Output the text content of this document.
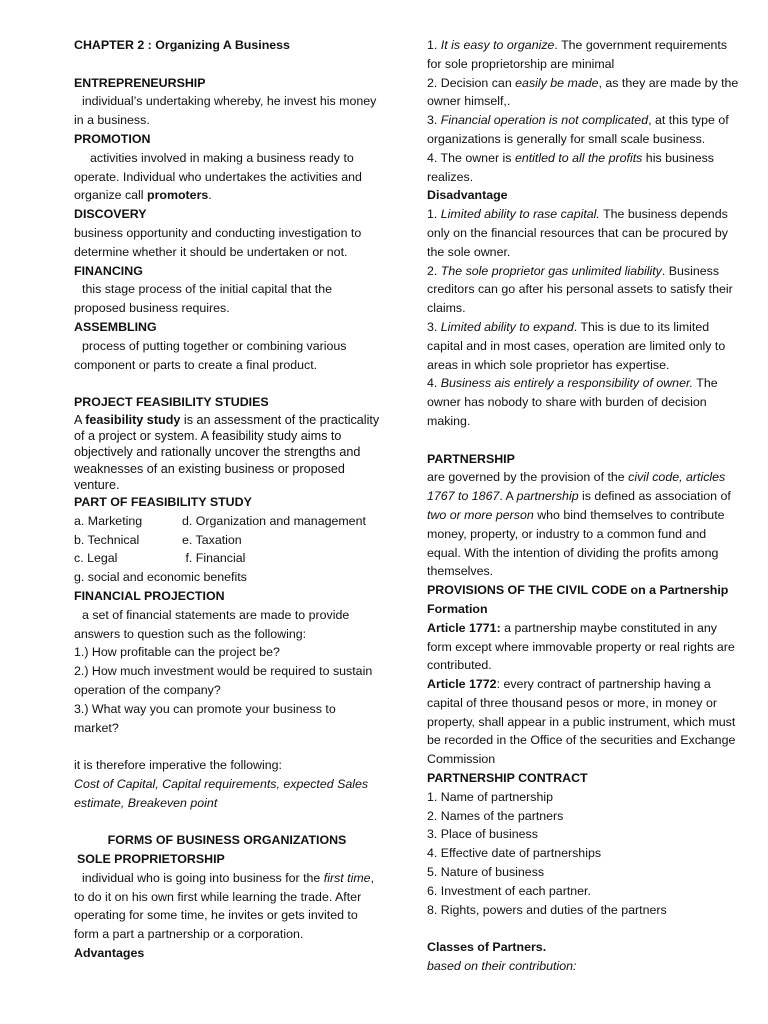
CHAPTER 2 : Organizing A Business

ENTREPRENEURSHIP

individual’s undertaking whereby, he invest his money in a business.

PROMOTION

activities involved in making a business ready to operate. Individual who undertakes the activities and organize call promoters.

DISCOVERY

business opportunity and conducting investigation to determine whether it should be undertaken or not.

FINANCING

this stage process of the initial capital that the proposed business requires.

ASSEMBLING

process of putting together or combining various component or parts to create a final product.

PROJECT FEASIBILITY STUDIES

A feasibility study is an assessment of the practicality of a project or system. A feasibility study aims to objectively and rationally uncover the strengths and weaknesses of an existing business or proposed venture.

PART OF FEASIBILITY STUDY

a. Marketing	d. Organization and management
b. Technical	e. Taxation
c. Legal	f. Financial

g. social and economic benefits

FINANCIAL PROJECTION

a set of financial statements are made to provide answers to question such as the following:

1.) How profitable can the project be?

2.) How much investment would be required to sustain operation of the company?

3.) What way you can promote your business to market?

it is therefore imperative the following:

Cost of Capital, Capital requirements, expected Sales estimate, Breakeven point

FORMS OF BUSINESS ORGANIZATIONS

SOLE PROPRIETORSHIP

individual who is going into business for the first time, to do it on his own first while learning the trade. After operating for some time, he invites or gets invited to form a part a partnership or a corporation.

Advantages

1. It is easy to organize. The government requirements for sole proprietorship are minimal

2. Decision can easily be made, as they are made by the owner himself,.

3. Financial operation is not complicated, at this type of organizations is generally for small scale business.

4. The owner is entitled to all the profits his business realizes.

Disadvantage

1. Limited ability to rase capital. The business depends only on the financial resources that can be procured by the sole owner.

2. The sole proprietor gas unlimited liability. Business creditors can go after his personal assets to satisfy their claims.

3. Limited ability to expand. This is due to its limited capital and in most cases, operation are limited only to areas in which sole proprietor has expertise.

4. Business ais entirely a responsibility of owner. The owner has nobody to share with burden of decision making.

PARTNERSHIP

are governed by the provision of the civil code, articles 1767 to 1867. A partnership is defined as association of two or more person who bind themselves to contribute money, property, or industry to a common fund and equal. With the intention of dividing the profits among themselves.

PROVISIONS OF THE CIVIL CODE on a Partnership Formation

Article 1771: a partnership maybe constituted in any form except where immovable property or real rights are contributed.

Article 1772: every contract of partnership having a capital of three thousand pesos or more, in money or property, shall appear in a public instrument, which must be recorded in the Office of the securities and Exchange Commission

PARTNERSHIP CONTRACT

1. Name of partnership

2. Names of the partners

3. Place of business

4. Effective date of partnerships

5. Nature of business

6. Investment of each partner.

8. Rights, powers and duties of the partners

Classes of Partners.

based on their contribution:
